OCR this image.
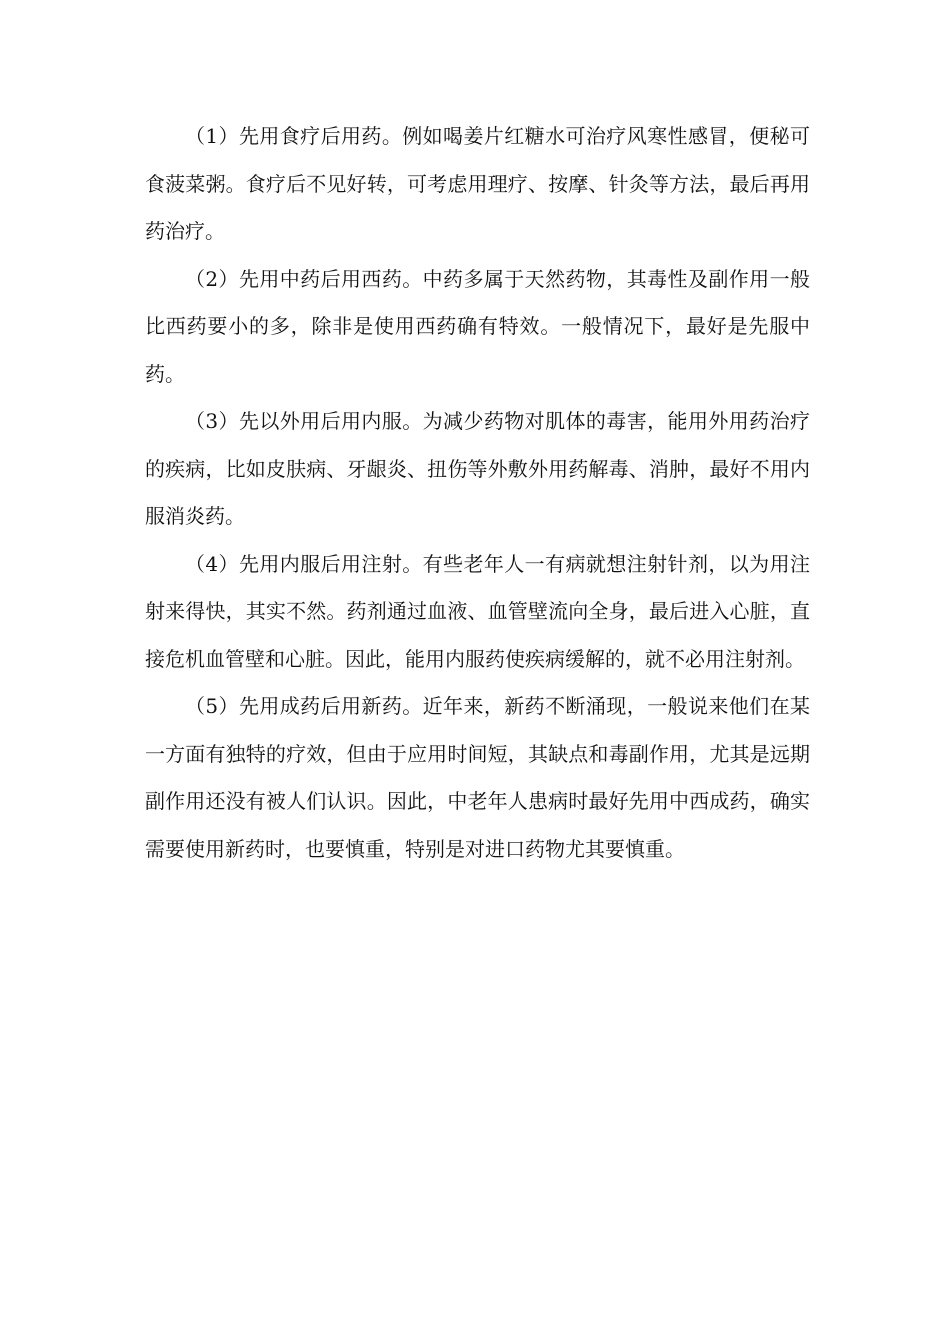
（1）先用食疗后用药。例如喝姜片红糖水可治疗风寒性感冒，便秘可食菠菜粥。食疗后不见好转，可考虑用理疗、按摩、针灸等方法，最后再用药治疗。

（2）先用中药后用西药。中药多属于天然药物，其毒性及副作用一般比西药要小的多，除非是使用西药确有特效。一般情况下，最好是先服中药。

（3）先以外用后用内服。为减少药物对肌体的毒害，能用外用药治疗的疾病，比如皮肤病、牙龈炎、扭伤等外敷外用药解毒、消肿，最好不用内服消炎药。

（4）先用内服后用注射。有些老年人一有病就想注射针剂，以为用注射来得快，其实不然。药剂通过血液、血管壁流向全身，最后进入心脏，直接危机血管壁和心脏。因此，能用内服药使疾病缓解的，就不必用注射剂。

（5）先用成药后用新药。近年来，新药不断涌现，一般说来他们在某一方面有独特的疗效，但由于应用时间短，其缺点和毒副作用，尤其是远期副作用还没有被人们认识。因此，中老年人患病时最好先用中西成药，确实需要使用新药时，也要慎重，特别是对进口药物尤其要慎重。
